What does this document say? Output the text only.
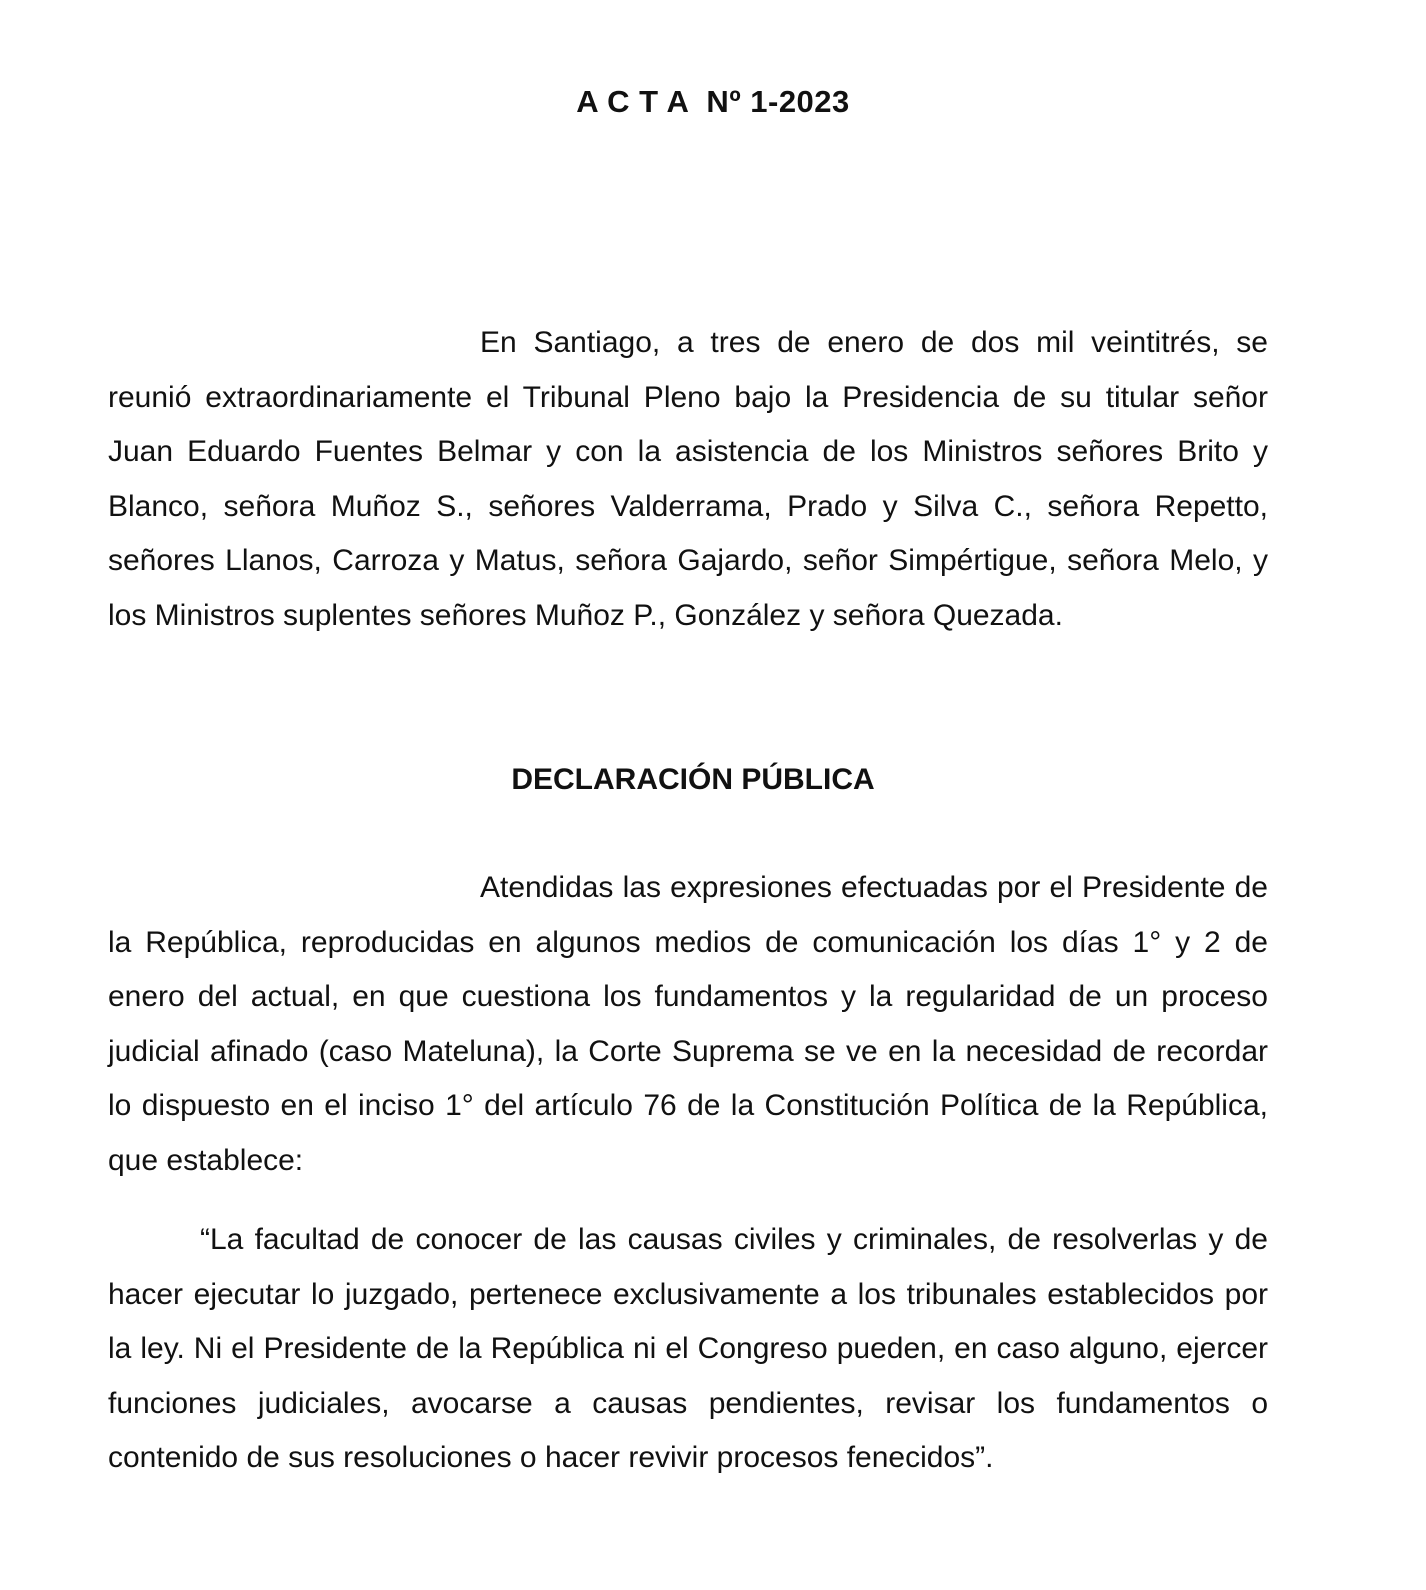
A C T A  Nº 1-2023

En Santiago, a tres de enero de dos mil veintitrés, se reunió extraordinariamente el Tribunal Pleno bajo la Presidencia de su titular señor Juan Eduardo Fuentes Belmar y con la asistencia de los Ministros señores Brito y Blanco, señora Muñoz S., señores Valderrama, Prado y Silva C., señora Repetto, señores Llanos, Carroza y Matus, señora Gajardo, señor Simpértigue, señora Melo, y los Ministros suplentes señores Muñoz P., González y señora Quezada.

DECLARACIÓN PÚBLICA

Atendidas las expresiones efectuadas por el Presidente de la República, reproducidas en algunos medios de comunicación los días 1° y 2 de enero del actual, en que cuestiona los fundamentos y la regularidad de un proceso judicial afinado (caso Mateluna), la Corte Suprema se ve en la necesidad de recordar lo dispuesto en el inciso 1° del artículo 76 de la Constitución Política de la República, que establece:

“La facultad de conocer de las causas civiles y criminales, de resolverlas y de hacer ejecutar lo juzgado, pertenece exclusivamente a los tribunales establecidos por la ley. Ni el Presidente de la República ni el Congreso pueden, en caso alguno, ejercer funciones judiciales, avocarse a causas pendientes, revisar los fundamentos o contenido de sus resoluciones o hacer revivir procesos fenecidos”.
